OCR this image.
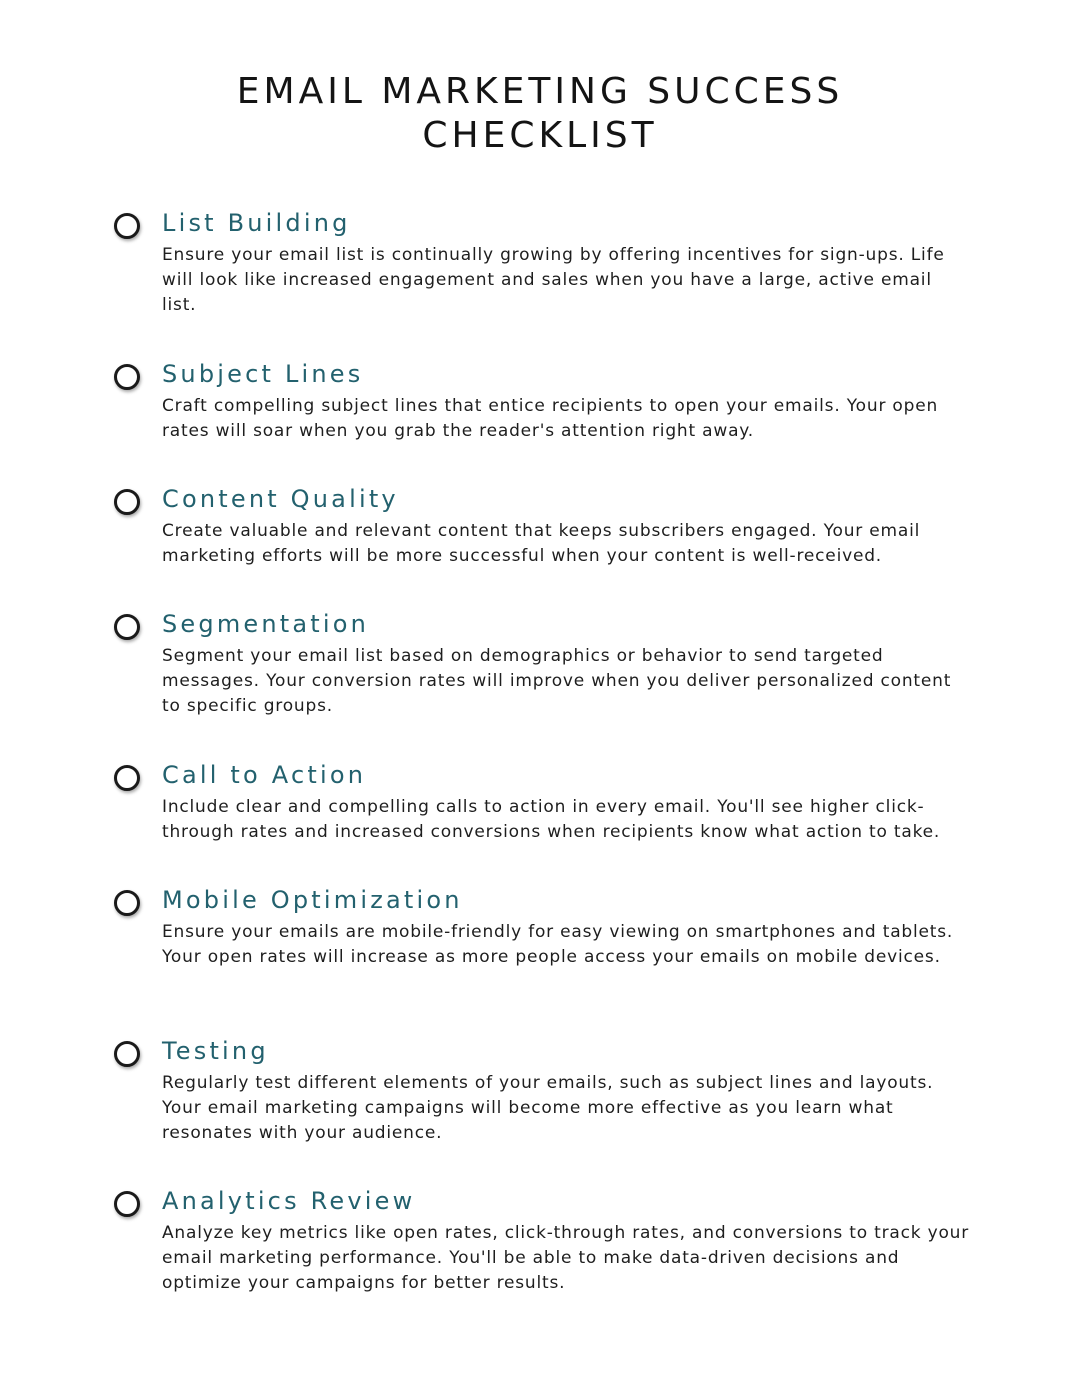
EMAIL MARKETING SUCCESS
CHECKLIST
List Building
Ensure your email list is continually growing by offering incentives for sign-ups. Life will look like increased engagement and sales when you have a large, active email list.
Subject Lines
Craft compelling subject lines that entice recipients to open your emails. Your open rates will soar when you grab the reader's attention right away.
Content Quality
Create valuable and relevant content that keeps subscribers engaged. Your email marketing efforts will be more successful when your content is well-received.
Segmentation
Segment your email list based on demographics or behavior to send targeted messages. Your conversion rates will improve when you deliver personalized content to specific groups.
Call to Action
Include clear and compelling calls to action in every email. You'll see higher click-through rates and increased conversions when recipients know what action to take.
Mobile Optimization
Ensure your emails are mobile-friendly for easy viewing on smartphones and tablets. Your open rates will increase as more people access your emails on mobile devices.
Testing
Regularly test different elements of your emails, such as subject lines and layouts. Your email marketing campaigns will become more effective as you learn what resonates with your audience.
Analytics Review
Analyze key metrics like open rates, click-through rates, and conversions to track your email marketing performance. You'll be able to make data-driven decisions and optimize your campaigns for better results.
